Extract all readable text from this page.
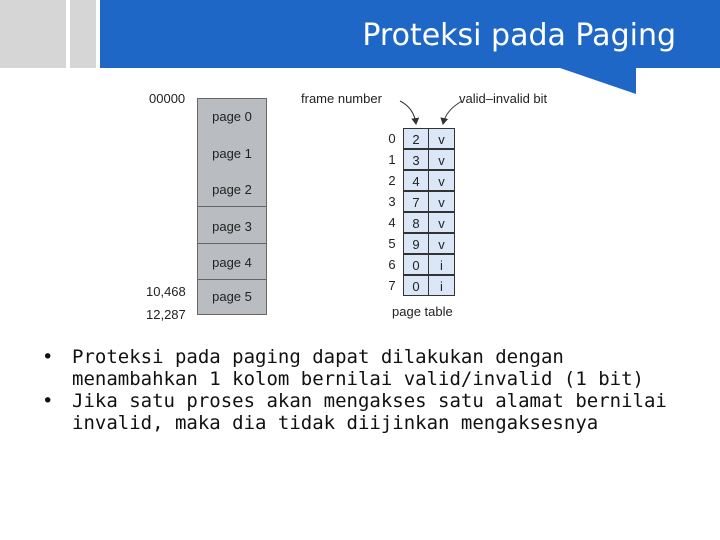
Proteksi pada Paging
00000
10,468
12,287
page 0
page 1
page 2
page 3
page 4
page 5
frame number	valid–invalid bit
0	2	v
1	3	v
2	4	v
3	7	v
4	8	v
5	9	v
6	0	i
7	0	i
page table
• Proteksi pada paging dapat dilakukan dengan menambahkan 1 kolom bernilai valid/invalid (1 bit)
• Jika satu proses akan mengakses satu alamat bernilai invalid, maka dia tidak diijinkan mengaksesnya
